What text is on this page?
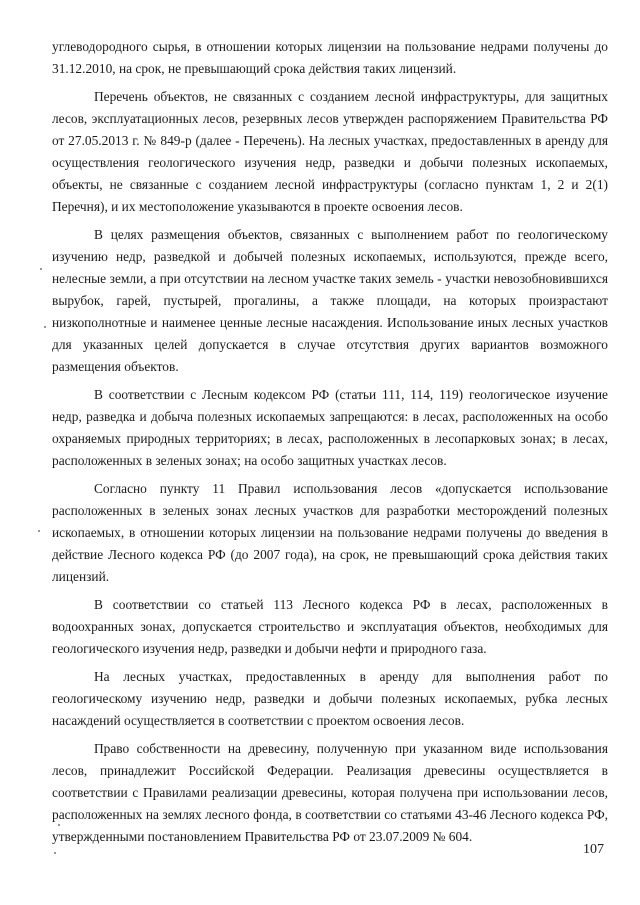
углеводородного сырья, в отношении которых лицензии на пользование недрами получены до 31.12.2010, на срок, не превышающий срока действия таких лицензий.

Перечень объектов, не связанных с созданием лесной инфраструктуры, для защитных лесов, эксплуатационных лесов, резервных лесов утвержден распоряжением Правительства РФ от 27.05.2013 г. № 849-р (далее - Перечень). На лесных участках, предоставленных в аренду для осуществления геологического изучения недр, разведки и добычи полезных ископаемых, объекты, не связанные с созданием лесной инфраструктуры (согласно пунктам 1, 2 и 2(1) Перечня), и их местоположение указываются в проекте освоения лесов.

В целях размещения объектов, связанных с выполнением работ по геологическому изучению недр, разведкой и добычей полезных ископаемых, используются, прежде всего, нелесные земли, а при отсутствии на лесном участке таких земель - участки невозобновившихся вырубок, гарей, пустырей, прогалины, а также площади, на которых произрастают низкополнотные и наименее ценные лесные насаждения. Использование иных лесных участков для указанных целей допускается в случае отсутствия других вариантов возможного размещения объектов.

В соответствии с Лесным кодексом РФ (статьи 111, 114, 119) геологическое изучение недр, разведка и добыча полезных ископаемых запрещаются: в лесах, расположенных на особо охраняемых природных территориях; в лесах, расположенных в лесопарковых зонах; в лесах, расположенных в зеленых зонах; на особо защитных участках лесов.

Согласно пункту 11 Правил использования лесов «допускается использование расположенных в зеленых зонах лесных участков для разработки месторождений полезных ископаемых, в отношении которых лицензии на пользование недрами получены до введения в действие Лесного кодекса РФ (до 2007 года), на срок, не превышающий срока действия таких лицензий.

В соответствии со статьей 113 Лесного кодекса РФ в лесах, расположенных в водоохранных зонах, допускается строительство и эксплуатация объектов, необходимых для геологического изучения недр, разведки и добычи нефти и природного газа.

На лесных участках, предоставленных в аренду для выполнения работ по геологическому изучению недр, разведки и добычи полезных ископаемых, рубка лесных насаждений осуществляется в соответствии с проектом освоения лесов.

Право собственности на древесину, полученную при указанном виде использования лесов, принадлежит Российской Федерации. Реализация древесины осуществляется в соответствии с Правилами реализации древесины, которая получена при использовании лесов, расположенных на землях лесного фонда, в соответствии со статьями 43-46 Лесного кодекса РФ, утвержденными постановлением Правительства РФ от 23.07.2009 № 604.

107
